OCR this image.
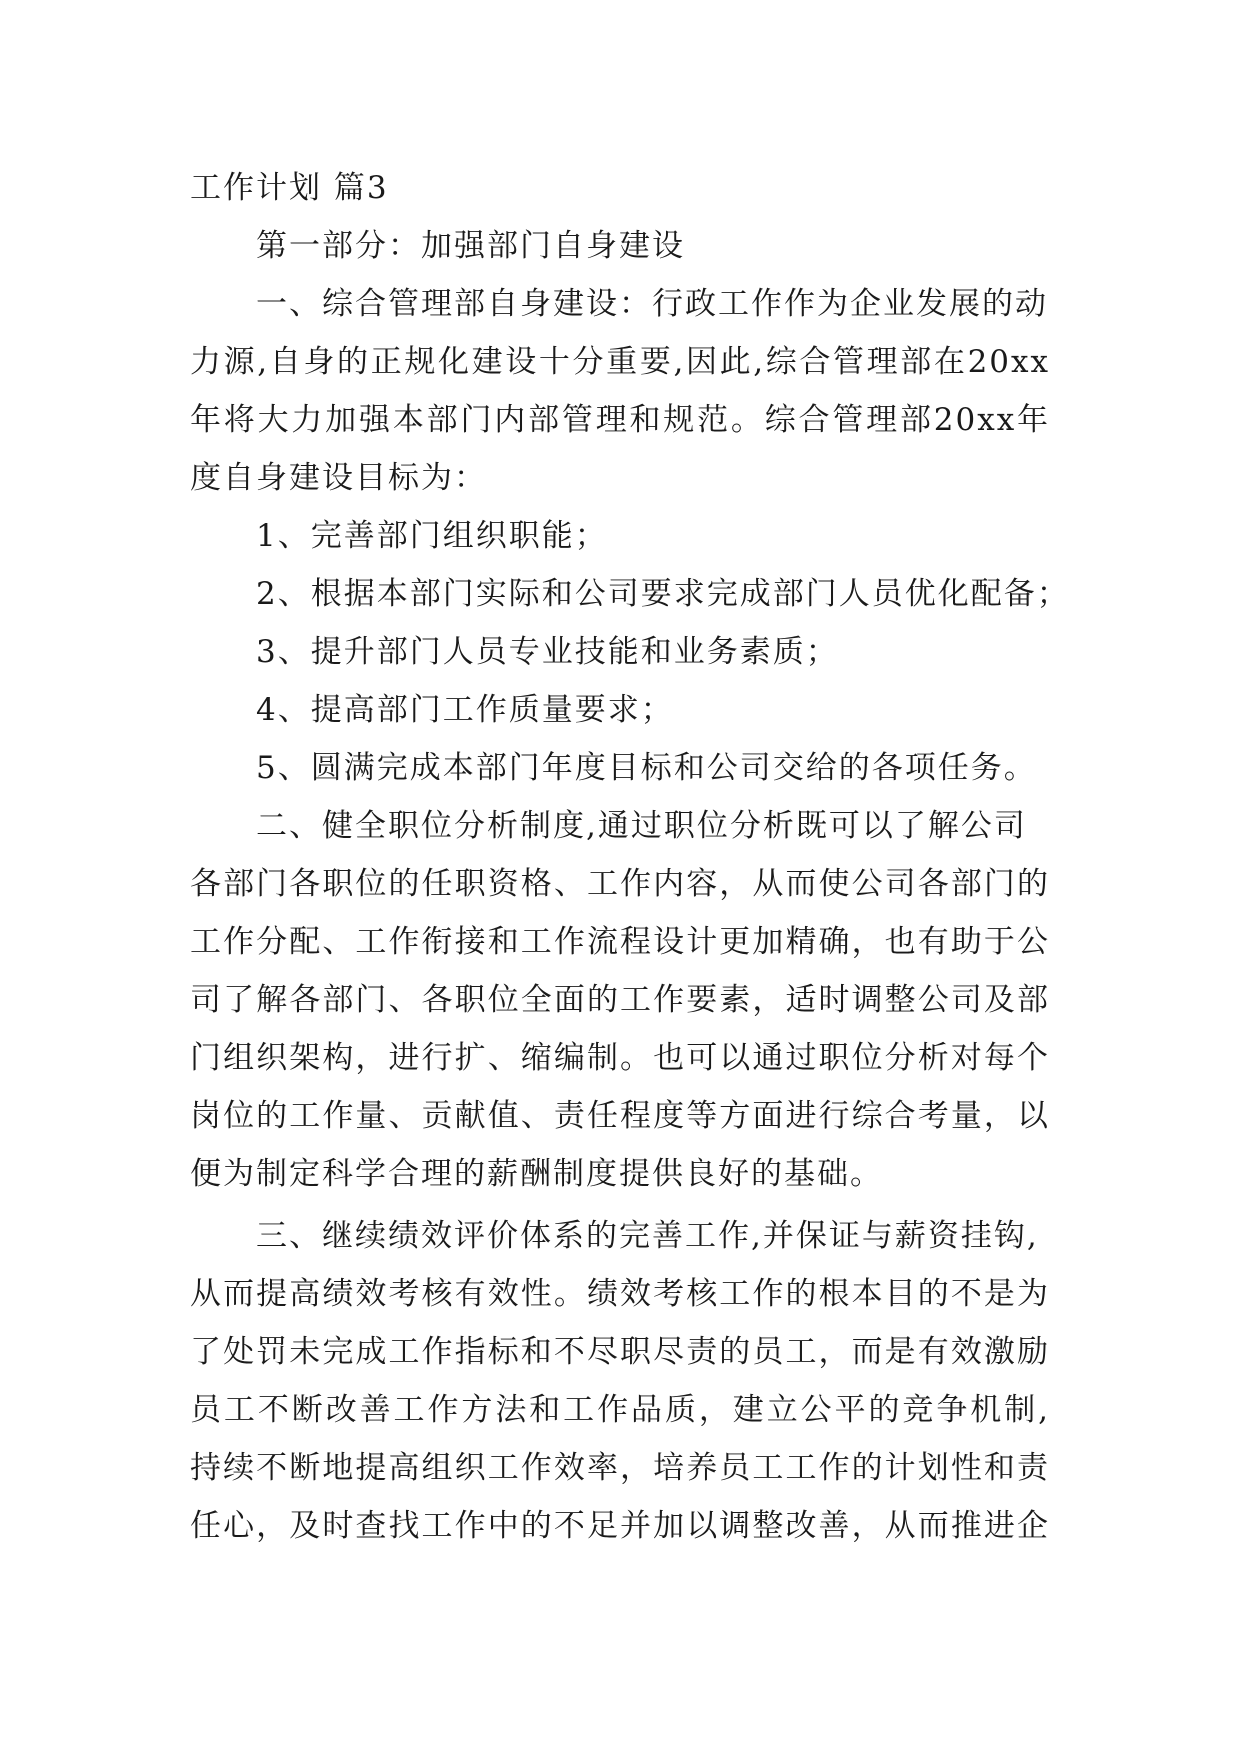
工作计划 篇3
第一部分：加强部门自身建设
一、综合管理部自身建设：行政工作作为企业发展的动
力源,自身的正规化建设十分重要,因此,综合管理部在20xx
年将大力加强本部门内部管理和规范。综合管理部20xx年
度自身建设目标为：
1、完善部门组织职能；
2、根据本部门实际和公司要求完成部门人员优化配备；
3、提升部门人员专业技能和业务素质；
4、提高部门工作质量要求；
5、圆满完成本部门年度目标和公司交给的各项任务。
二、健全职位分析制度,通过职位分析既可以了解公司
各部门各职位的任职资格、工作内容，从而使公司各部门的
工作分配、工作衔接和工作流程设计更加精确，也有助于公
司了解各部门、各职位全面的工作要素，适时调整公司及部
门组织架构，进行扩、缩编制。也可以通过职位分析对每个
岗位的工作量、贡献值、责任程度等方面进行综合考量，以
便为制定科学合理的薪酬制度提供良好的基础。
三、继续绩效评价体系的完善工作,并保证与薪资挂钩,
从而提高绩效考核有效性。绩效考核工作的根本目的不是为
了处罚未完成工作指标和不尽职尽责的员工，而是有效激励
员工不断改善工作方法和工作品质，建立公平的竞争机制,
持续不断地提高组织工作效率，培养员工工作的计划性和责
任心，及时查找工作中的不足并加以调整改善，从而推进企
